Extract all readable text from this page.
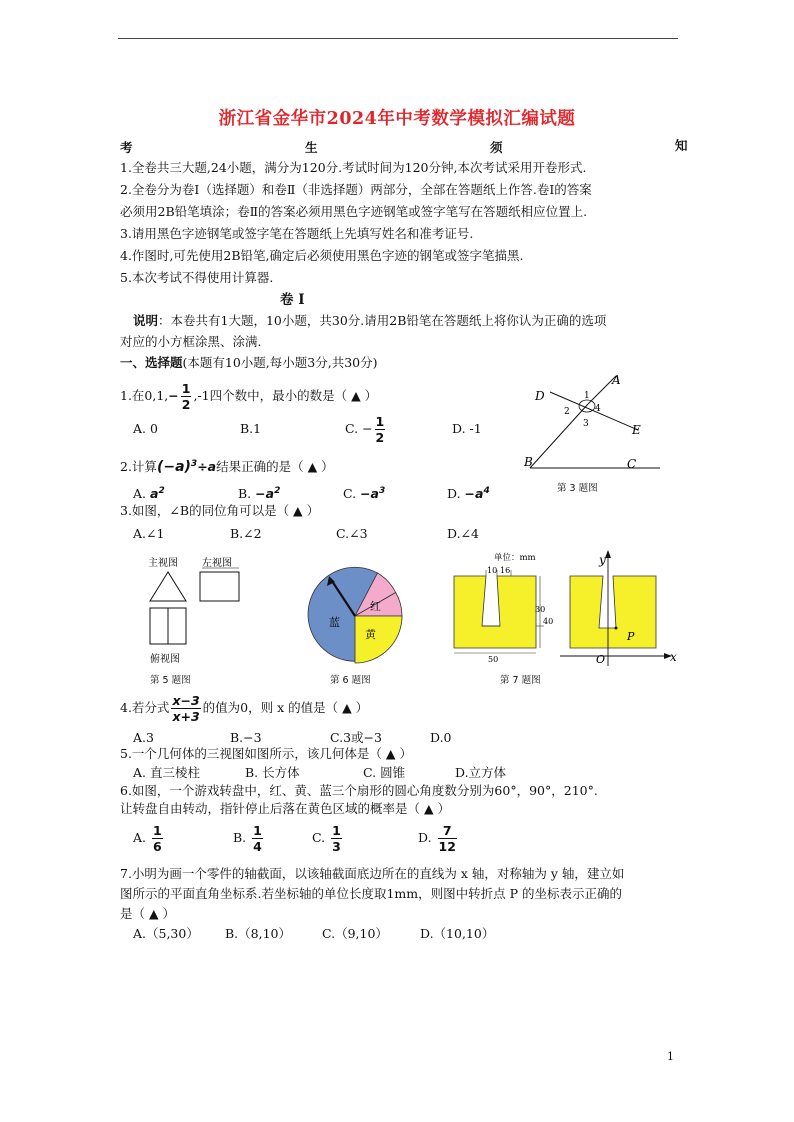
浙江省金华市2024年中考数学模拟汇编试题
考	生	须	知
1.全卷共三大题,24小题，满分为120分.考试时间为120分钟,本次考试采用开卷形式.
2.全卷分为卷Ⅰ（选择题）和卷Ⅱ（非选择题）两部分，全部在答题纸上作答.卷Ⅰ的答案
必须用2B铅笔填涂；卷Ⅱ的答案必须用黑色字迹钢笔或签字笔写在答题纸相应位置上.
3.请用黑色字迹钢笔或签字笔在答题纸上先填写姓名和准考证号.
4.作图时,可先使用2B铅笔,确定后必须使用黑色字迹的钢笔或签字笔描黑.
5.本次考试不得使用计算器.
卷 Ⅰ
说明：本卷共有1大题，10小题，共30分.请用2B铅笔在答题纸上将你认为正确的选项
对应的小方框涂黑、涂满.
一、选择题(本题有10小题,每小题3分,共30分)
1.在$0,1,- \frac{1}{2} ,-1$四个数中，最小的数是（ ▲ ）
A. 0	B.1	C. − $\frac{1}{2}$	D. -1
2.计算$(-a)^3\div a$结果正确的是（ ▲ ）
A. $a^2$	B. $-a^2$	C. $-a^3$	D. $-a^4$
A
D
E
B	C
1
2
3
4
第 3 题图
3.如图，∠B的同位角可以是（ ▲ ）
A.∠1	B.∠2	C.∠3	D.∠4
主视图 左视图
俯视图
第 5 题图
红
蓝
黄
第 6 题图
单位：mm
10 16
30
40
50
y
x
O
P
第 7 题图
4.若分式 $\frac{x-3}{x+3}$ 的值为0，则 x 的值是（ ▲ ）
A.3	B.−3	C.3或−3	D.0
5.一个几何体的三视图如图所示，该几何体是（ ▲ ）
A. 直三棱柱	B. 长方体	C. 圆锥	D.立方体
6.如图，一个游戏转盘中，红、黄、蓝三个扇形的圆心角度数分别为60°，90°，210°.
让转盘自由转动，指针停止后落在黄色区域的概率是（ ▲ ）
A. $\frac{1}{6}$	B. $\frac{1}{4}$	C. $\frac{1}{3}$	D. $\frac{7}{12}$
7.小明为画一个零件的轴截面，以该轴截面底边所在的直线为 x 轴，对称轴为 y 轴，建立如
图所示的平面直角坐标系.若坐标轴的单位长度取1mm，则图中转折点 P 的坐标表示正确的
是（ ▲ ）
A.（5,30） B.（8,10） C.（9,10）	D.（10,10）
1
